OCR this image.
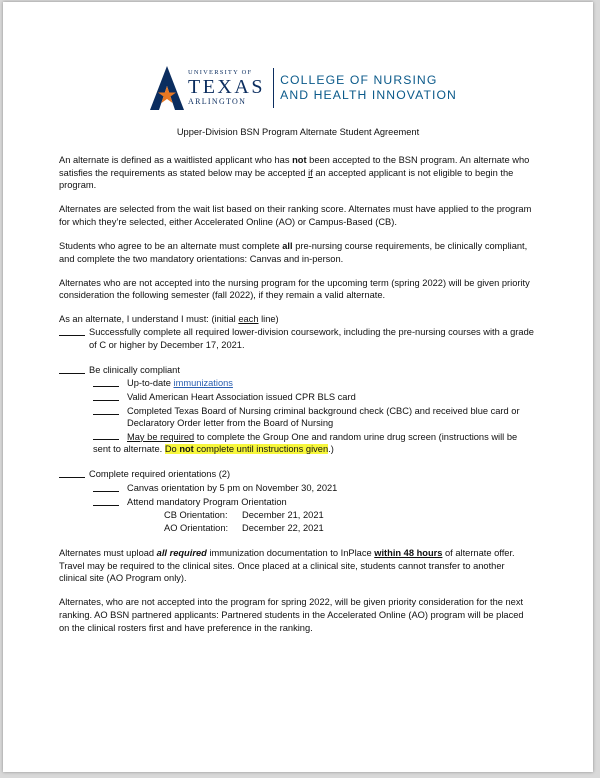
UNIVERSITY OF
TEXAS
ARLINGTON
COLLEGE OF NURSING
AND HEALTH INNOVATION
Upper-Division BSN Program Alternate Student Agreement

An alternate is defined as a waitlisted applicant who has not been accepted to the BSN program. An alternate who satisfies the requirements as stated below may be accepted if an accepted applicant is not eligible to begin the program.

Alternates are selected from the wait list based on their ranking score. Alternates must have applied to the program for which they’re selected, either Accelerated Online (AO) or Campus-Based (CB).

Students who agree to be an alternate must complete all pre-nursing course requirements, be clinically compliant, and complete the two mandatory orientations: Canvas and in-person.

Alternates who are not accepted into the nursing program for the upcoming term (spring 2022) will be given priority consideration the following semester (fall 2022), if they remain a valid alternate.

As an alternate, I understand I must: (initial each line)

Successfully complete all required lower-division coursework, including the pre-nursing courses with a grade of C or higher by December 17, 2021.
Be clinically compliant
Up-to-date immunizations
Valid American Heart Association issued CPR BLS card
Completed Texas Board of Nursing criminal background check (CBC) and received blue card or Declaratory Order letter from the Board of Nursing
May be required to complete the Group One and random urine drug screen (instructions will be sent to alternate. Do not complete until instructions given.)
Complete required orientations (2)
Canvas orientation by 5 pm on November 30, 2021
Attend mandatory Program Orientation
CB Orientation: December 21, 2021
AO Orientation: December 22, 2021

Alternates must upload all required immunization documentation to InPlace within 48 hours of alternate offer. Travel may be required to the clinical sites. Once placed at a clinical site, students cannot transfer to another clinical site (AO Program only).

Alternates, who are not accepted into the program for spring 2022, will be given priority consideration for the next ranking. AO BSN partnered applicants: Partnered students in the Accelerated Online (AO) program will be placed on the clinical rosters first and have preference in the ranking.
